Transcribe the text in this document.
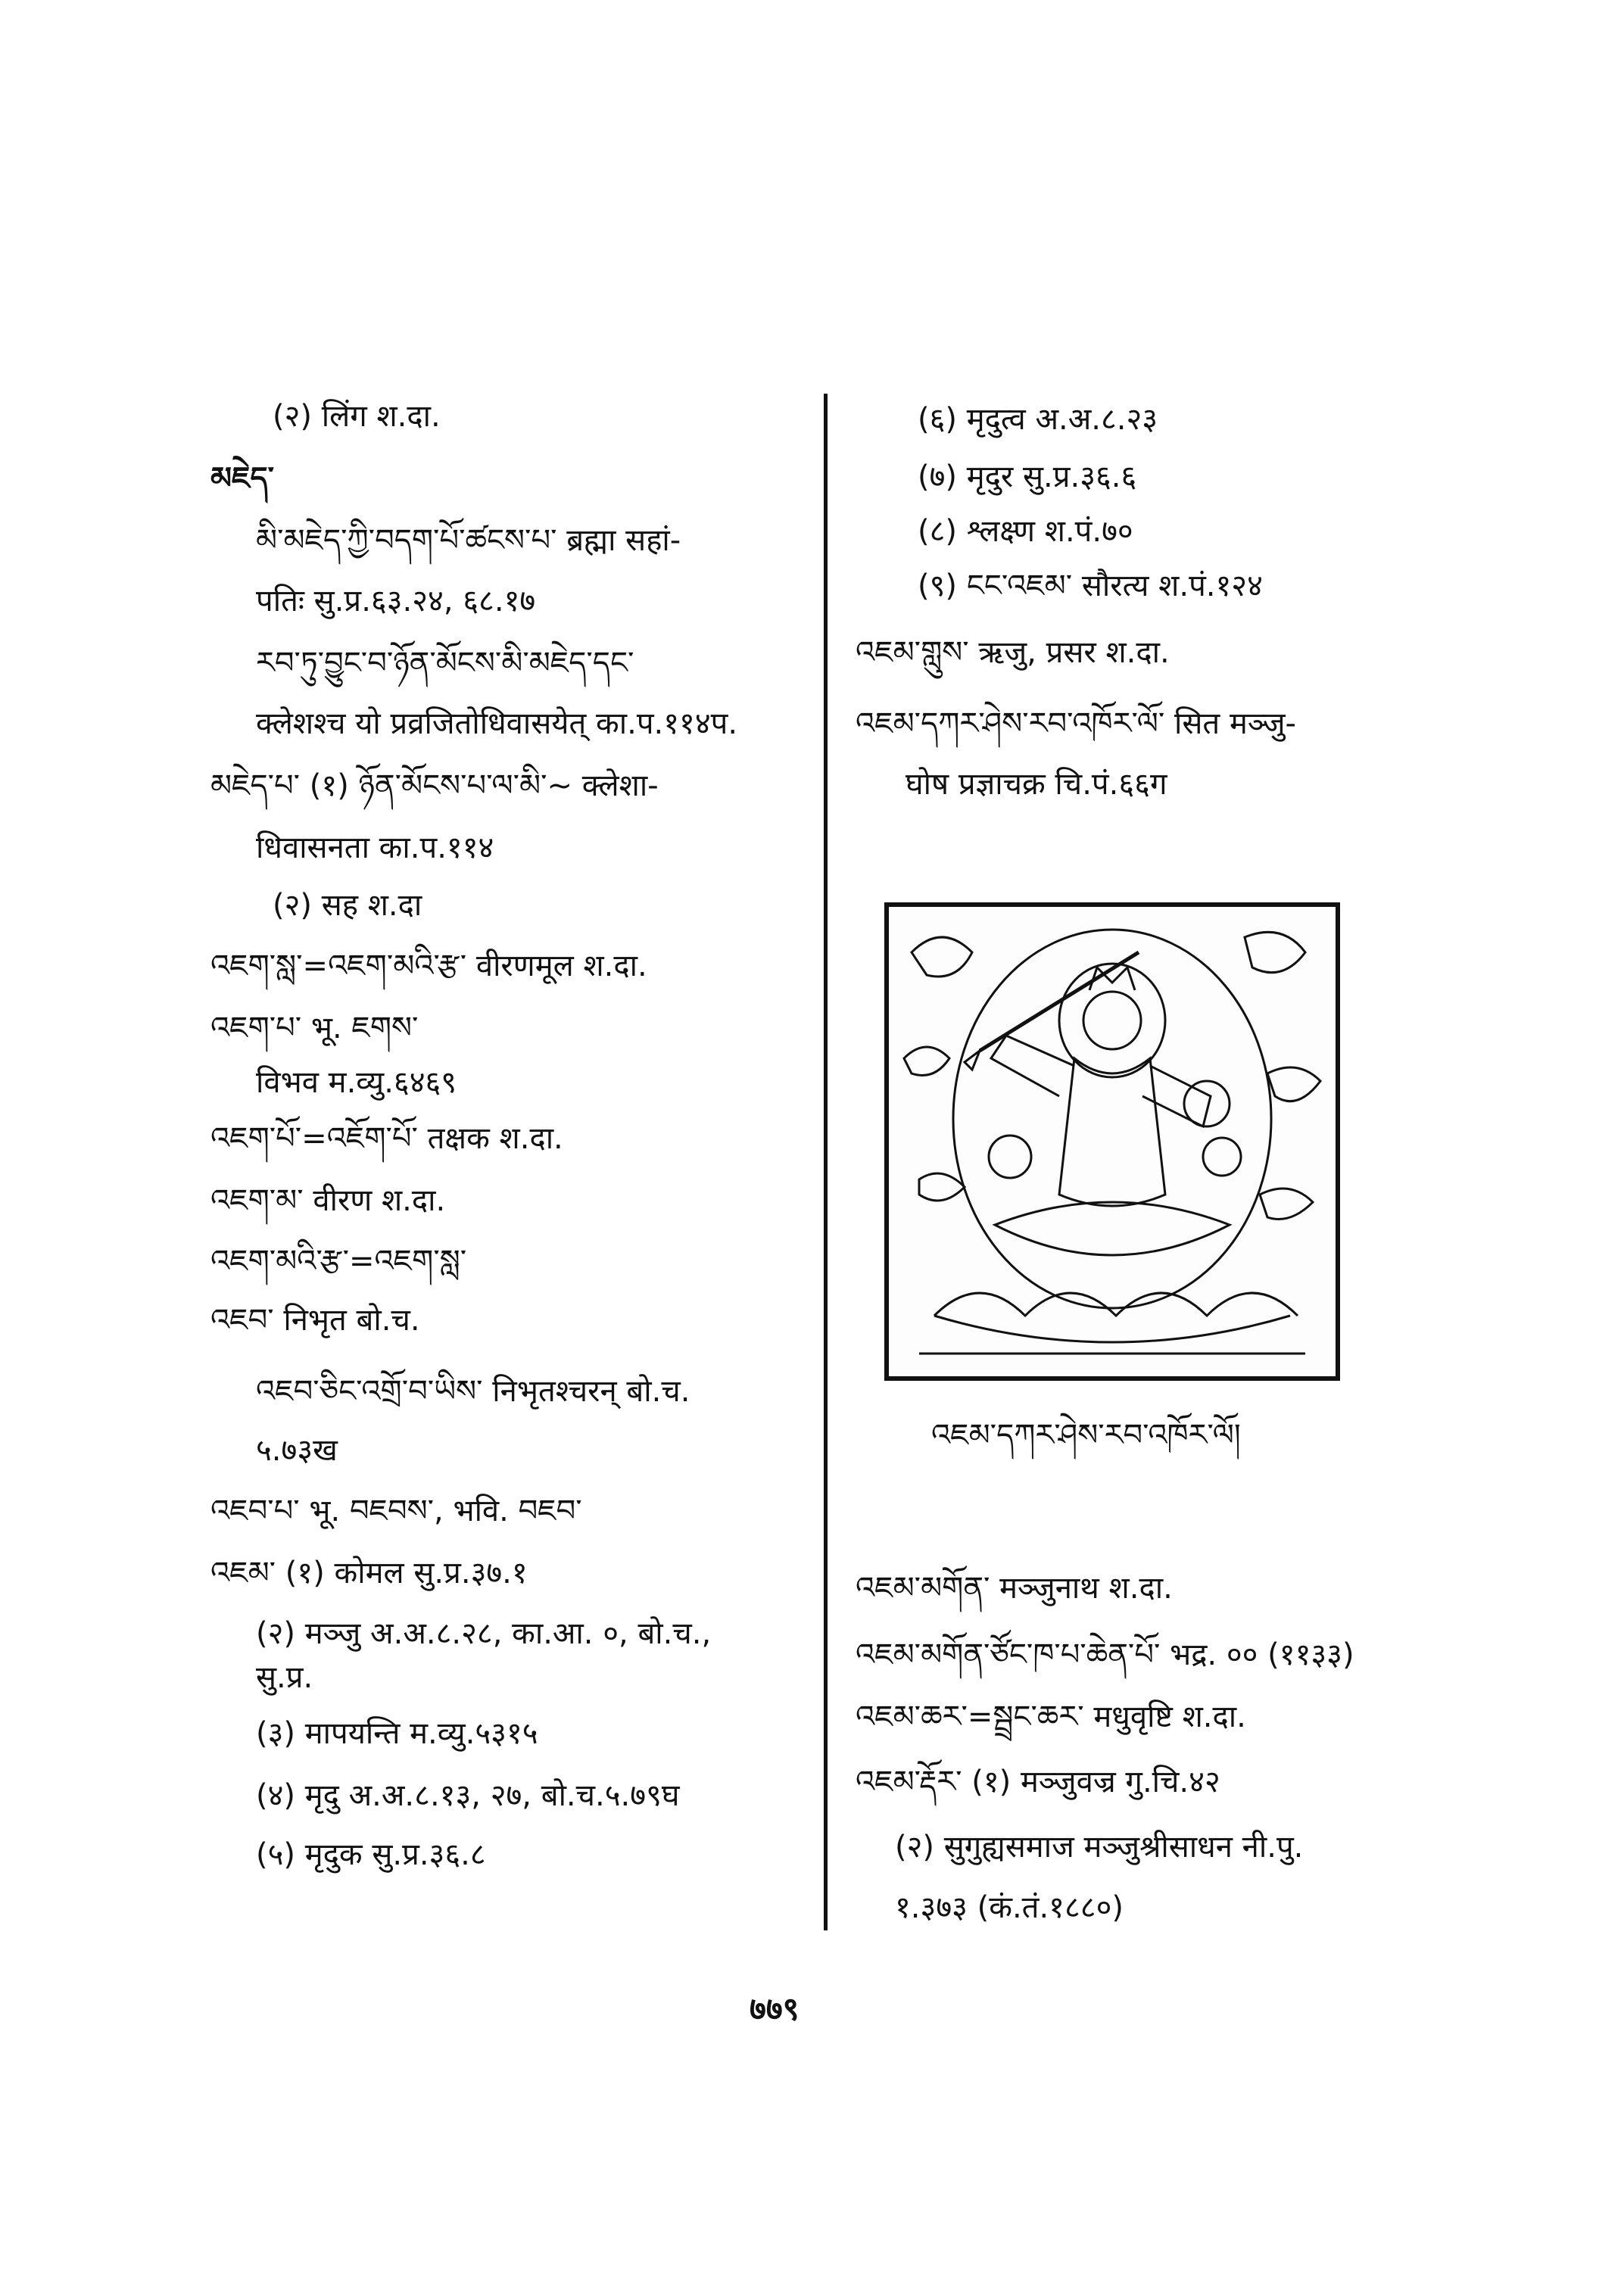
(२) लिंग श.दा.
མཇེད་
མི་མཇེད་ཀྱི་བདག་པོ་ཚངས་པ་ ब्रह्मा सहां-
पतिः सु.प्र.६३.२४, ६८.१७
རབ་ཏུ་བྱུང་བ་ཉོན་མོངས་མི་མཇེད་དང་
क्लेशश्च यो प्रव्रजितोधिवासयेत् का.प.११४प.
མཇེད་པ་ (१) ཉོན་མོངས་པ་ལ་མི་~ क्लेशा-
धिवासनता का.प.११४
(२) सह श.दा
འཇག་སླ་=འཇག་མའི་རྩ་ वीरणमूल श.दा.
འཇག་པ་ भू. ཇགས་
विभव म.व्यु.६४६९
འཇག་པོ་=འཇོག་པོ་ तक्षक श.दा.
འཇག་མ་ वीरण श.दा.
འཇག་མའི་རྩ་=འཇག་སླ་
འཇབ་ निभृत बो.च.
འཇབ་ཅིང་འགྲོ་བ་ཡིས་ निभृतश्चरन् बो.च.
५.७३ख
འཇབ་པ་ भू. བཇབས་, भवि. བཇབ་
འཇམ་ (१) कोमल सु.प्र.३७.१
(२) मञ्जु अ.अ.८.२८, का.आ. ०, बो.च.,
सु.प्र.
(३) मापयन्ति म.व्यु.५३१५
(४) मृदु अ.अ.८.१३, २७, बो.च.५.७९घ
(५) मृदुक सु.प्र.३६.८
(६) मृदुत्व अ.अ.८.२३
(७) मृदुर सु.प्र.३६.६
(८) श्लक्ष्ण श.पं.७०
(९) ངང་འཇམ་ सौरत्य श.पं.१२४
འཇམ་གླུས་ ऋजु, प्रसर श.दा.
འཇམ་དཀར་ཤེས་རབ་འཁོར་ལོ་ सित मञ्जु-
घोष प्रज्ञाचक्र चि.पं.६६ग
འཇམ་དཀར་ཤེས་རབ་འཁོར་ལོ།
འཇམ་མགོན་ मञ्जुनाथ श.दा.
འཇམ་མགོན་ཙོང་ཁ་པ་ཆེན་པོ་ भद्र. ०० (११३३)
འཇམ་ཆར་=སྦྲང་ཆར་ मधुवृष्टि श.दा.
འཇམ་རྡོར་ (१) मञ्जुवज्र गु.चि.४२
(२) सुगुह्यसमाज मञ्जुश्रीसाधन नी.पु.
१.३७३ (कं.तं.१८८०)
७७९
